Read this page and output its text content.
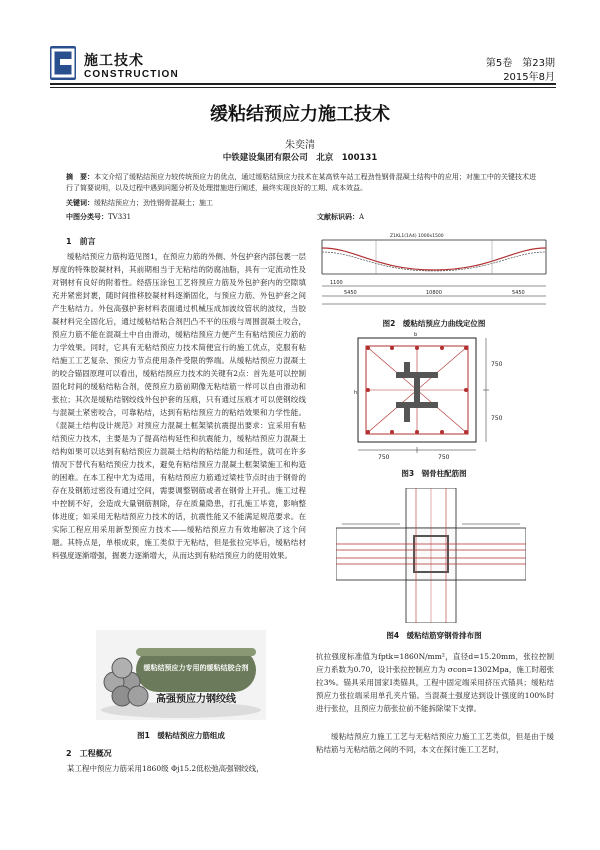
施工技术
CONSTRUCTION
第5卷　第23期
2015年8月
缓粘结预应力施工技术
朱奕清
中铁建设集团有限公司　北京　100131
摘　要：本文介绍了缓粘结预应力较传统预应力的优点，通过缓粘结预应力技术在某高铁车站工程劲性钢骨混凝土结构中的应用；对施工中的关键技术进行了简要说明，以及过程中遇到问题分析及处理措施进行阐述，最终实现良好的工期、成本效益。
关键词：缓粘结预应力；劲性钢骨混凝土；施工
中图分类号：TV331	文献标识码：A
1　前言

缓粘结预应力筋构造见图1，在预应力筋的外侧、外包护套内部包裹一层厚度的特殊胶凝材料，其前期相当于无粘结的防腐油脂，具有一定流动性及对钢材有良好的附着性。经搭压涂包工艺将预应力筋及外包护套内的空隙填充并紧密封裹，随时间推移胶凝材料逐渐固化，与预应力筋、外包护套之间产生粘结力。外包高强护套材料表面通过机械压成加波纹管状的波纹，当胶凝材料完全固化后，通过缓粘结粘合剂凹凸不平的压痕与周围混凝土咬合，预应力筋不能在混凝土中自由滑动，缓粘结预应力便产生有粘结预应力筋的力学效果。同时，它具有无粘结预应力技术简便宜行的施工优点，克服有粘结施工工艺复杂、预应力节点使用条件受限的弊端。从缓粘结预应力混凝土的咬合锚固原理可以看出，缓粘结预应力技术的关键有2点：首先是可以控制固化时间的缓粘结粘合剂，使预应力筋前期像无粘结筋一样可以自由滑动和张拉；其次是缓粘结钢绞线外包护套的压痕，只有通过压痕才可以使钢绞线与混凝土紧密咬合，可靠粘结，达到有粘结预应力的粘结效果和力学性能。《混凝土结构设计规范》对预应力混凝土框架梁抗震提出要求：宜采用有粘结预应力技术，主要是为了提高结构延性和抗震能力，缓粘结预应力混凝土结构如果可以达到有粘结预应力混凝土结构的粘结能力和延性，就可在许多情况下替代有粘结预应力技术，避免有粘结预应力混凝土框架梁施工和构造的困难。在本工程中尤为适用，有粘结预应力筋通过梁柱节点时由于钢骨的存在及钢筋过密没有通过空间，需要调整钢筋或者在钢骨上开孔。施工过程中控制不好，会造成大量钢筋割除，存在质量隐患，打孔施工毕竟，影响整体进度；如采用无粘结预应力技术的话，抗震性能又不能满足规范要求。在实际工程应用采用新型预应力技术——缓粘结预应力有效地解决了这个问题。其特点是，单根成束，施工类似于无粘结，但是张拉完毕后，缓粘结材料强度逐渐增强，握裹力逐渐增大，从而达到有粘结预应力的使用效果。

缓粘结预应力专用的缓粘结胶合剂
高强预应力钢绞线
图1　缓粘结预应力筋组成
2　工程概况

某工程中预应力筋采用1860级 Φj15.2低松弛高强钢绞线，

Z1KL1(1A4) 1000x1500
1100
5450	10800	5450
图2　缓粘结预应力曲线定位图
h
b
750
750
750	750
图3　钢骨柱配筋图
图4　缓粘结筋穿钢骨排布图

抗拉强度标准值为fptk=1860N/mm²，直径d=15.20mm，张拉控制应力系数为0.70，设计张拉控制应力为 σcon=1302Mpa，施工时超张拉3%。锚具采用国家I类锚具，工程中固定端采用挤压式锚具；缓粘结预应力张拉端采用单孔夹片锚。当混凝土强度达到设计强度的100%时进行张拉，且预应力筋张拉前不能拆除梁下支撑。

缓粘结预应力施工工艺与无粘结预应力施工工艺类似，但是由于缓粘结筋与无粘结筋之间的不同，本文在探讨施工工艺时，
